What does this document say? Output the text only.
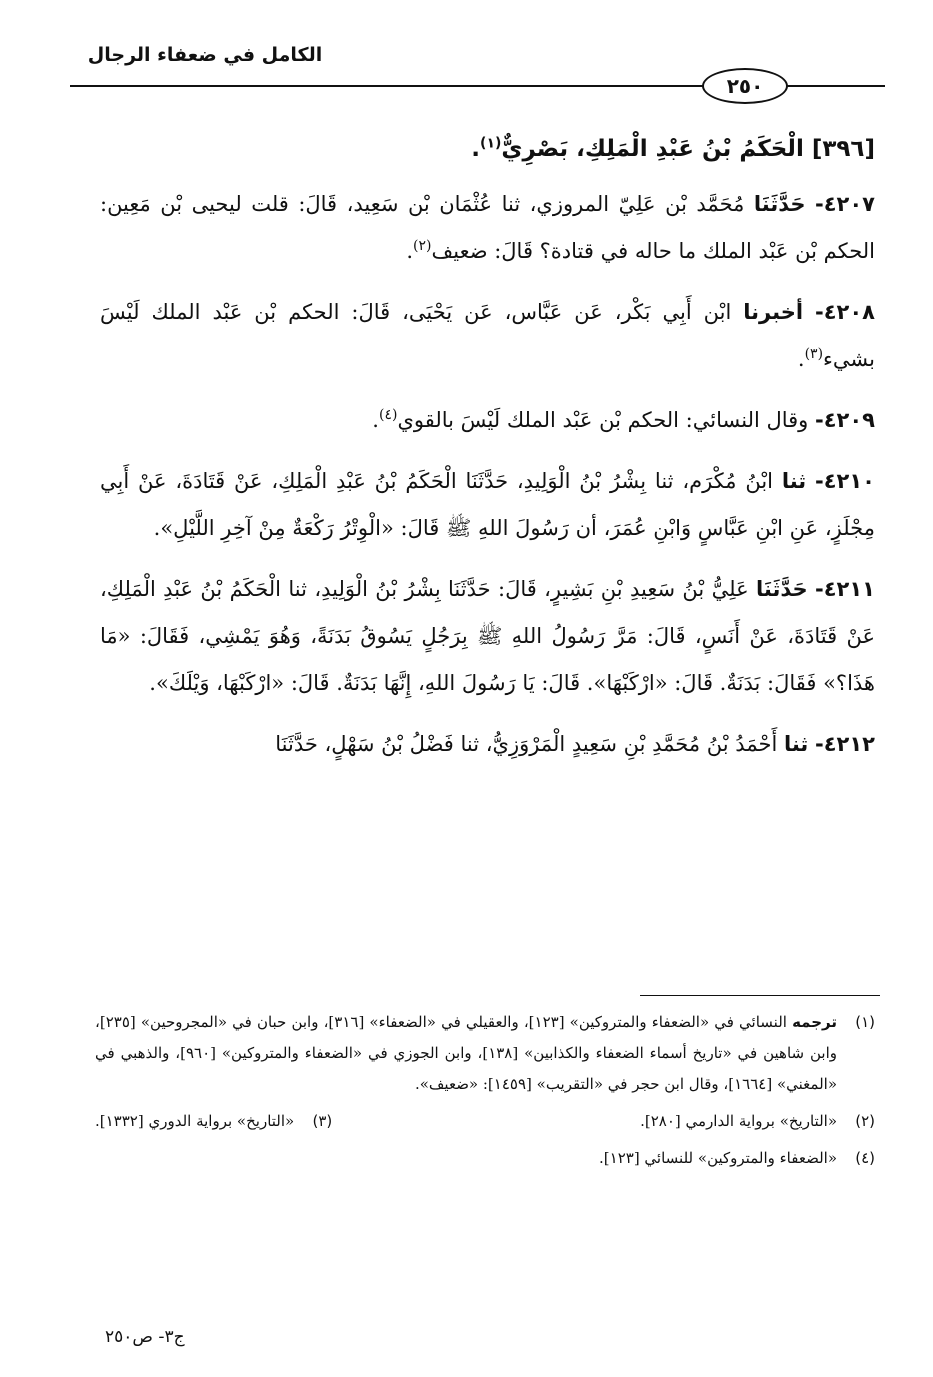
الكامل في ضعفاء الرجال
٢٥٠
[٣٩٦] الْحَكَمُ بْنُ عَبْدِ الْمَلِكِ، بَصْرِيٌّ$^{(١)}$.

٤٢٠٧- حَدَّثَنَا مُحَمَّد بْن عَلِيّ المروزي، ثنا عُثْمَان بْن سَعِيد، قَالَ: قلت ليحيى بْن مَعِين: الحكم بْن عَبْد الملك ما حاله في قتادة؟ قَالَ: ضعيف$^{(٢)}$.

٤٢٠٨- أخبرنا ابْن أَبِي بَكْر، عَن عَبَّاس، عَن يَحْيَى، قَالَ: الحكم بْن عَبْد الملك لَيْسَ بشيء$^{(٣)}$.

٤٢٠٩- وقال النسائي: الحكم بْن عَبْد الملك لَيْسَ بالقوي$^{(٤)}$.

٤٢١٠- ثنا ابْنُ مُكْرَم، ثنا بِشْرُ بْنُ الْوَلِيدِ، حَدَّثَنَا الْحَكَمُ بْنُ عَبْدِ الْمَلِكِ، عَنْ قَتَادَةَ، عَنْ أَبِي مِجْلَزٍ، عَنِ ابْنِ عَبَّاسٍ وَابْنِ عُمَرَ، أن رَسُولَ اللهِ ﷺ قَالَ: «الْوِتْرُ رَكْعَةٌ مِنْ آخِرِ اللَّيْلِ».

٤٢١١- حَدَّثَنَا عَلِيُّ بْنُ سَعِيدِ بْنِ بَشِيرٍ، قَالَ: حَدَّثَنَا بِشْرُ بْنُ الْوَلِيدِ، ثنا الْحَكَمُ بْنُ عَبْدِ الْمَلِكِ، عَنْ قَتَادَةَ، عَنْ أَنَسٍ، قَالَ: مَرَّ رَسُولُ اللهِ ﷺ بِرَجُلٍ يَسُوقُ بَدَنَةً، وَهُوَ يَمْشِي، فَقَالَ: «مَا هَذَا؟» فَقَالَ: بَدَنَةٌ. قَالَ: «ارْكَبْهَا». قَالَ: يَا رَسُولَ اللهِ، إِنَّهَا بَدَنَةٌ. قَالَ: «ارْكَبْهَا، وَيْلَكَ».

٤٢١٢- ثنا أَحْمَدُ بْنُ مُحَمَّدِ بْنِ سَعِيدٍ الْمَرْوَزِيُّ، ثنا فَضْلُ بْنُ سَهْلٍ، حَدَّثَنَا

(١)
ترجمه النسائي في «الضعفاء والمتروكين» [١٢٣]، والعقيلي في «الضعفاء» [٣١٦]، وابن حبان في «المجروحين» [٢٣٥]، وابن شاهين في «تاريخ أسماء الضعفاء والكذابين» [١٣٨]، وابن الجوزي في «الضعفاء والمتروكين» [٩٦٠]، والذهبي في «المغني» [١٦٦٤]، وقال ابن حجر في «التقريب» [١٤٥٩]: «ضعيف».
(٢)
«التاريخ» برواية الدارمي [٢٨٠].
(٣)
«التاريخ» برواية الدوري [١٣٣٢].
(٤)
«الضعفاء والمتروكين» للنسائي [١٢٣].
ج٣- ص٢٥٠
